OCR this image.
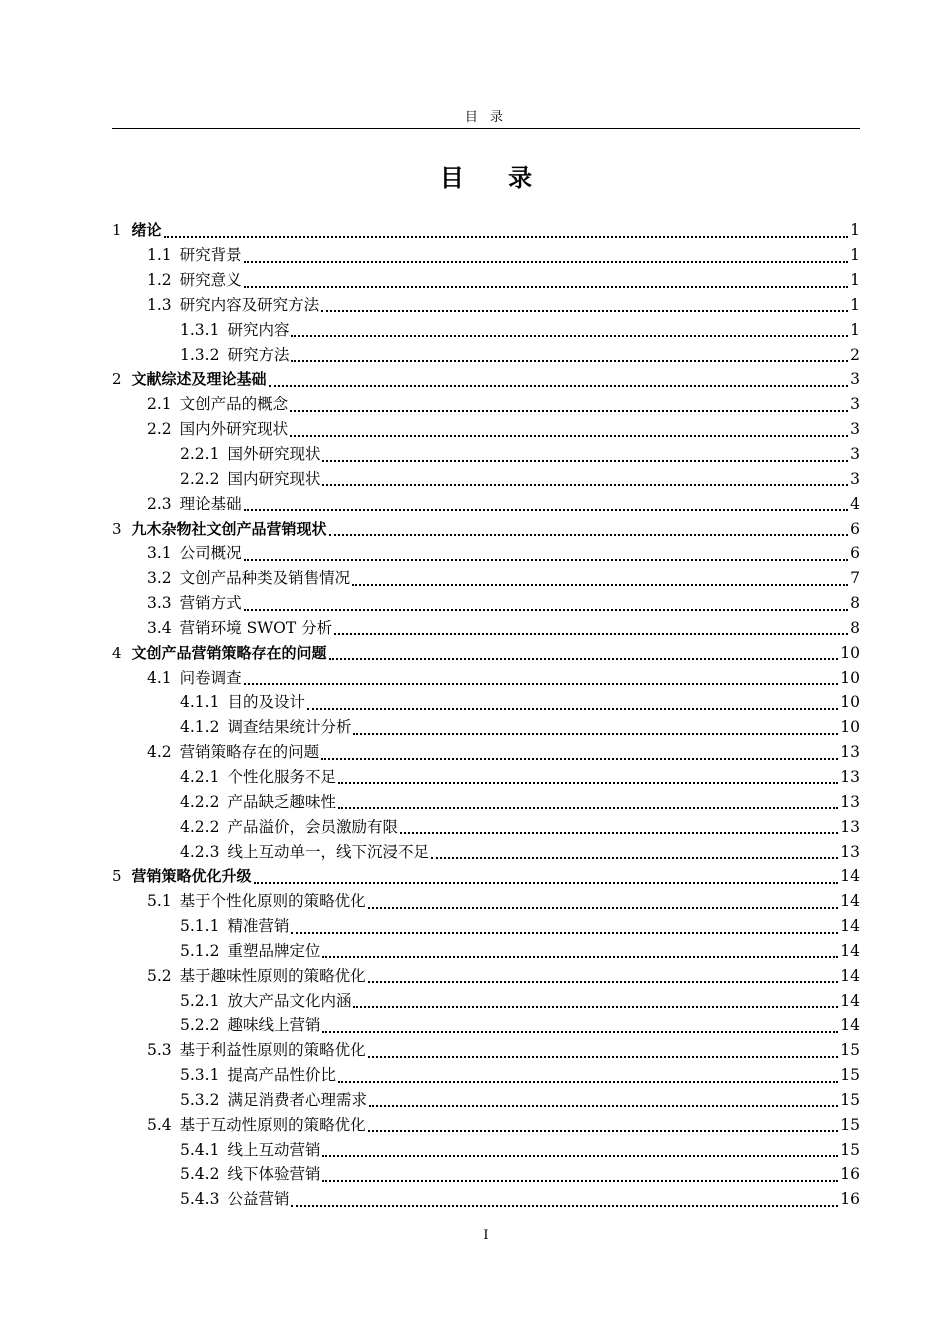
目 录
目 录
1 绪论	1
1.1 研究背景	1
1.2 研究意义	1
1.3 研究内容及研究方法	1
1.3.1 研究内容	1
1.3.2 研究方法	2
2 文献综述及理论基础	3
2.1 文创产品的概念	3
2.2 国内外研究现状	3
2.2.1 国外研究现状	3
2.2.2 国内研究现状	3
2.3 理论基础	4
3 九木杂物社文创产品营销现状	6
3.1 公司概况	6
3.2 文创产品种类及销售情况	7
3.3 营销方式	8
3.4 营销环境 SWOT 分析	8
4 文创产品营销策略存在的问题	10
4.1 问卷调查	10
4.1.1 目的及设计	10
4.1.2 调查结果统计分析	10
4.2 营销策略存在的问题	13
4.2.1 个性化服务不足	13
4.2.2 产品缺乏趣味性	13
4.2.2 产品溢价，会员激励有限	13
4.2.3 线上互动单一，线下沉浸不足	13
5 营销策略优化升级	14
5.1 基于个性化原则的策略优化	14
5.1.1 精准营销	14
5.1.2 重塑品牌定位	14
5.2 基于趣味性原则的策略优化	14
5.2.1 放大产品文化内涵	14
5.2.2 趣味线上营销	14
5.3 基于利益性原则的策略优化	15
5.3.1 提高产品性价比	15
5.3.2 满足消费者心理需求	15
5.4 基于互动性原则的策略优化	15
5.4.1 线上互动营销	15
5.4.2 线下体验营销	16
5.4.3 公益营销	16
I
